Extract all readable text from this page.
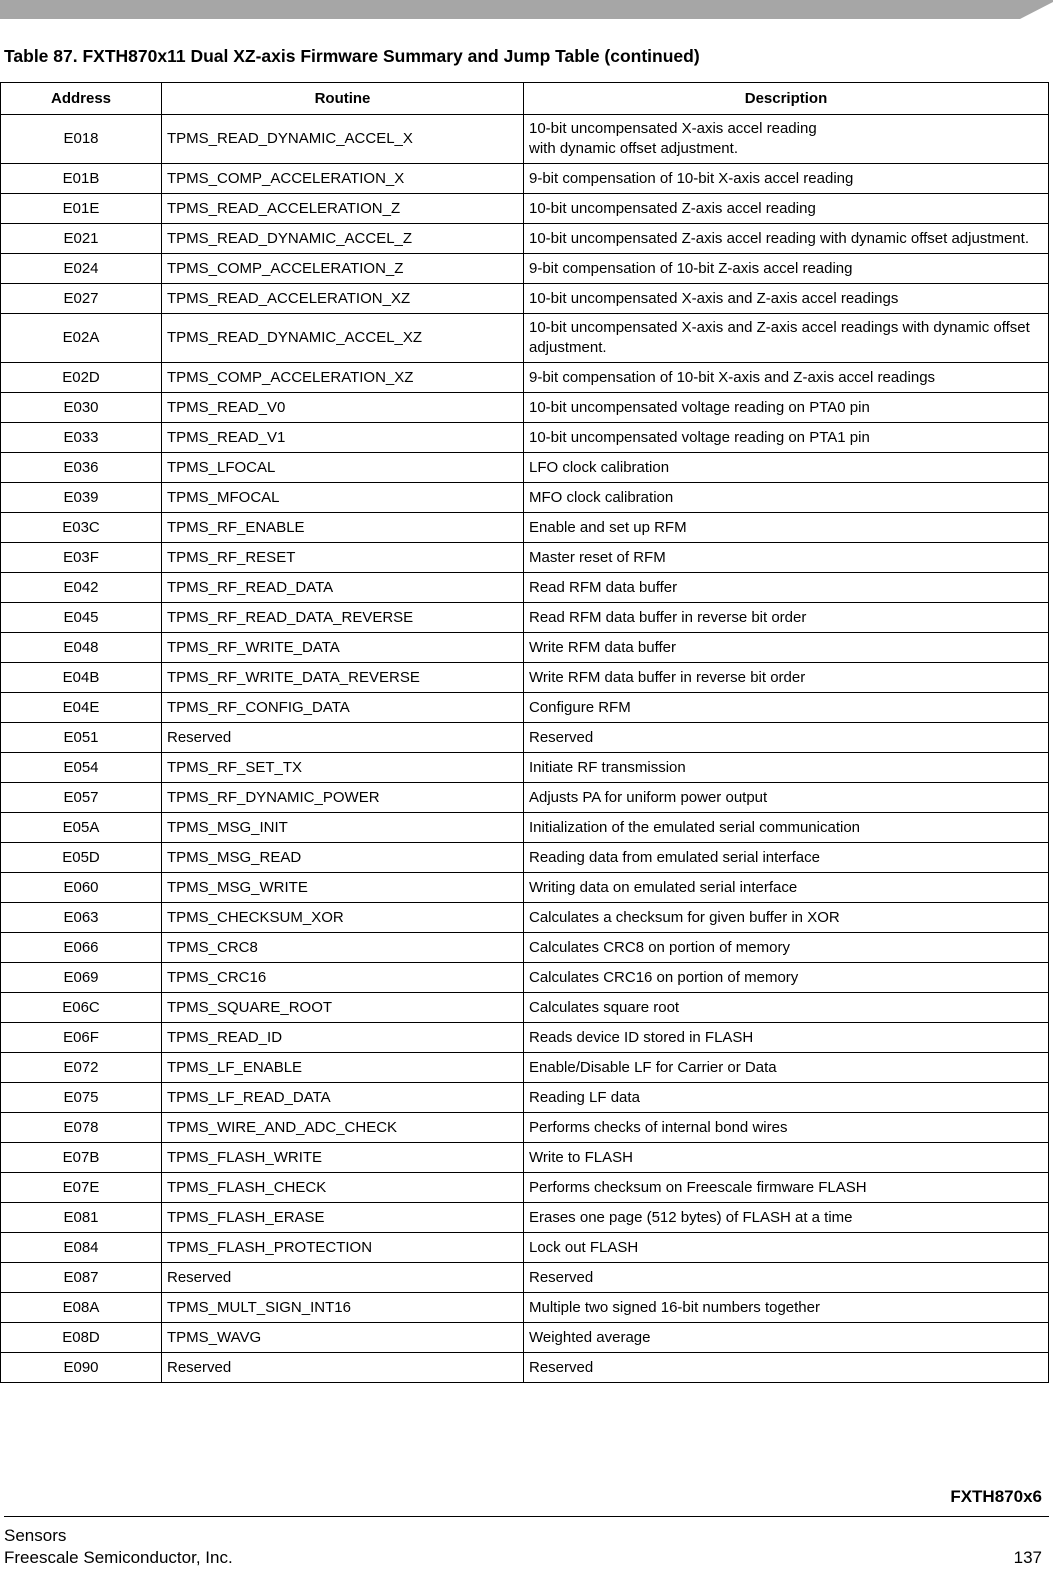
Table 87. FXTH870x11 Dual XZ-axis Firmware Summary and Jump Table (continued)
Address	Routine	Description
E018	TPMS_READ_DYNAMIC_ACCEL_X	10-bit uncompensated X-axis accel reading
with dynamic offset adjustment.
E01B	TPMS_COMP_ACCELERATION_X	9-bit compensation of 10-bit X-axis accel reading
E01E	TPMS_READ_ACCELERATION_Z	10-bit uncompensated Z-axis accel reading
E021	TPMS_READ_DYNAMIC_ACCEL_Z	10-bit uncompensated Z-axis accel reading with dynamic offset adjustment.
E024	TPMS_COMP_ACCELERATION_Z	9-bit compensation of 10-bit Z-axis accel reading
E027	TPMS_READ_ACCELERATION_XZ	10-bit uncompensated X-axis and Z-axis accel readings
E02A	TPMS_READ_DYNAMIC_ACCEL_XZ	10-bit uncompensated X-axis and Z-axis accel readings with dynamic offset adjustment.
E02D	TPMS_COMP_ACCELERATION_XZ	9-bit compensation of 10-bit X-axis and Z-axis accel readings
E030	TPMS_READ_V0	10-bit uncompensated voltage reading on PTA0 pin
E033	TPMS_READ_V1	10-bit uncompensated voltage reading on PTA1 pin
E036	TPMS_LFOCAL	LFO clock calibration
E039	TPMS_MFOCAL	MFO clock calibration
E03C	TPMS_RF_ENABLE	Enable and set up RFM
E03F	TPMS_RF_RESET	Master reset of RFM
E042	TPMS_RF_READ_DATA	Read RFM data buffer
E045	TPMS_RF_READ_DATA_REVERSE	Read RFM data buffer in reverse bit order
E048	TPMS_RF_WRITE_DATA	Write RFM data buffer
E04B	TPMS_RF_WRITE_DATA_REVERSE	Write RFM data buffer in reverse bit order
E04E	TPMS_RF_CONFIG_DATA	Configure RFM
E051	Reserved	Reserved
E054	TPMS_RF_SET_TX	Initiate RF transmission
E057	TPMS_RF_DYNAMIC_POWER	Adjusts PA for uniform power output
E05A	TPMS_MSG_INIT	Initialization of the emulated serial communication
E05D	TPMS_MSG_READ	Reading data from emulated serial interface
E060	TPMS_MSG_WRITE	Writing data on emulated serial interface
E063	TPMS_CHECKSUM_XOR	Calculates a checksum for given buffer in XOR
E066	TPMS_CRC8	Calculates CRC8 on portion of memory
E069	TPMS_CRC16	Calculates CRC16 on portion of memory
E06C	TPMS_SQUARE_ROOT	Calculates square root
E06F	TPMS_READ_ID	Reads device ID stored in FLASH
E072	TPMS_LF_ENABLE	Enable/Disable LF for Carrier or Data
E075	TPMS_LF_READ_DATA	Reading LF data
E078	TPMS_WIRE_AND_ADC_CHECK	Performs checks of internal bond wires
E07B	TPMS_FLASH_WRITE	Write to FLASH
E07E	TPMS_FLASH_CHECK	Performs checksum on Freescale firmware FLASH
E081	TPMS_FLASH_ERASE	Erases one page (512 bytes) of FLASH at a time
E084	TPMS_FLASH_PROTECTION	Lock out FLASH
E087	Reserved	Reserved
E08A	TPMS_MULT_SIGN_INT16	Multiple two signed 16-bit numbers together
E08D	TPMS_WAVG	Weighted average
E090	Reserved	Reserved
FXTH870x6
Sensors
Freescale Semiconductor, Inc.	137
